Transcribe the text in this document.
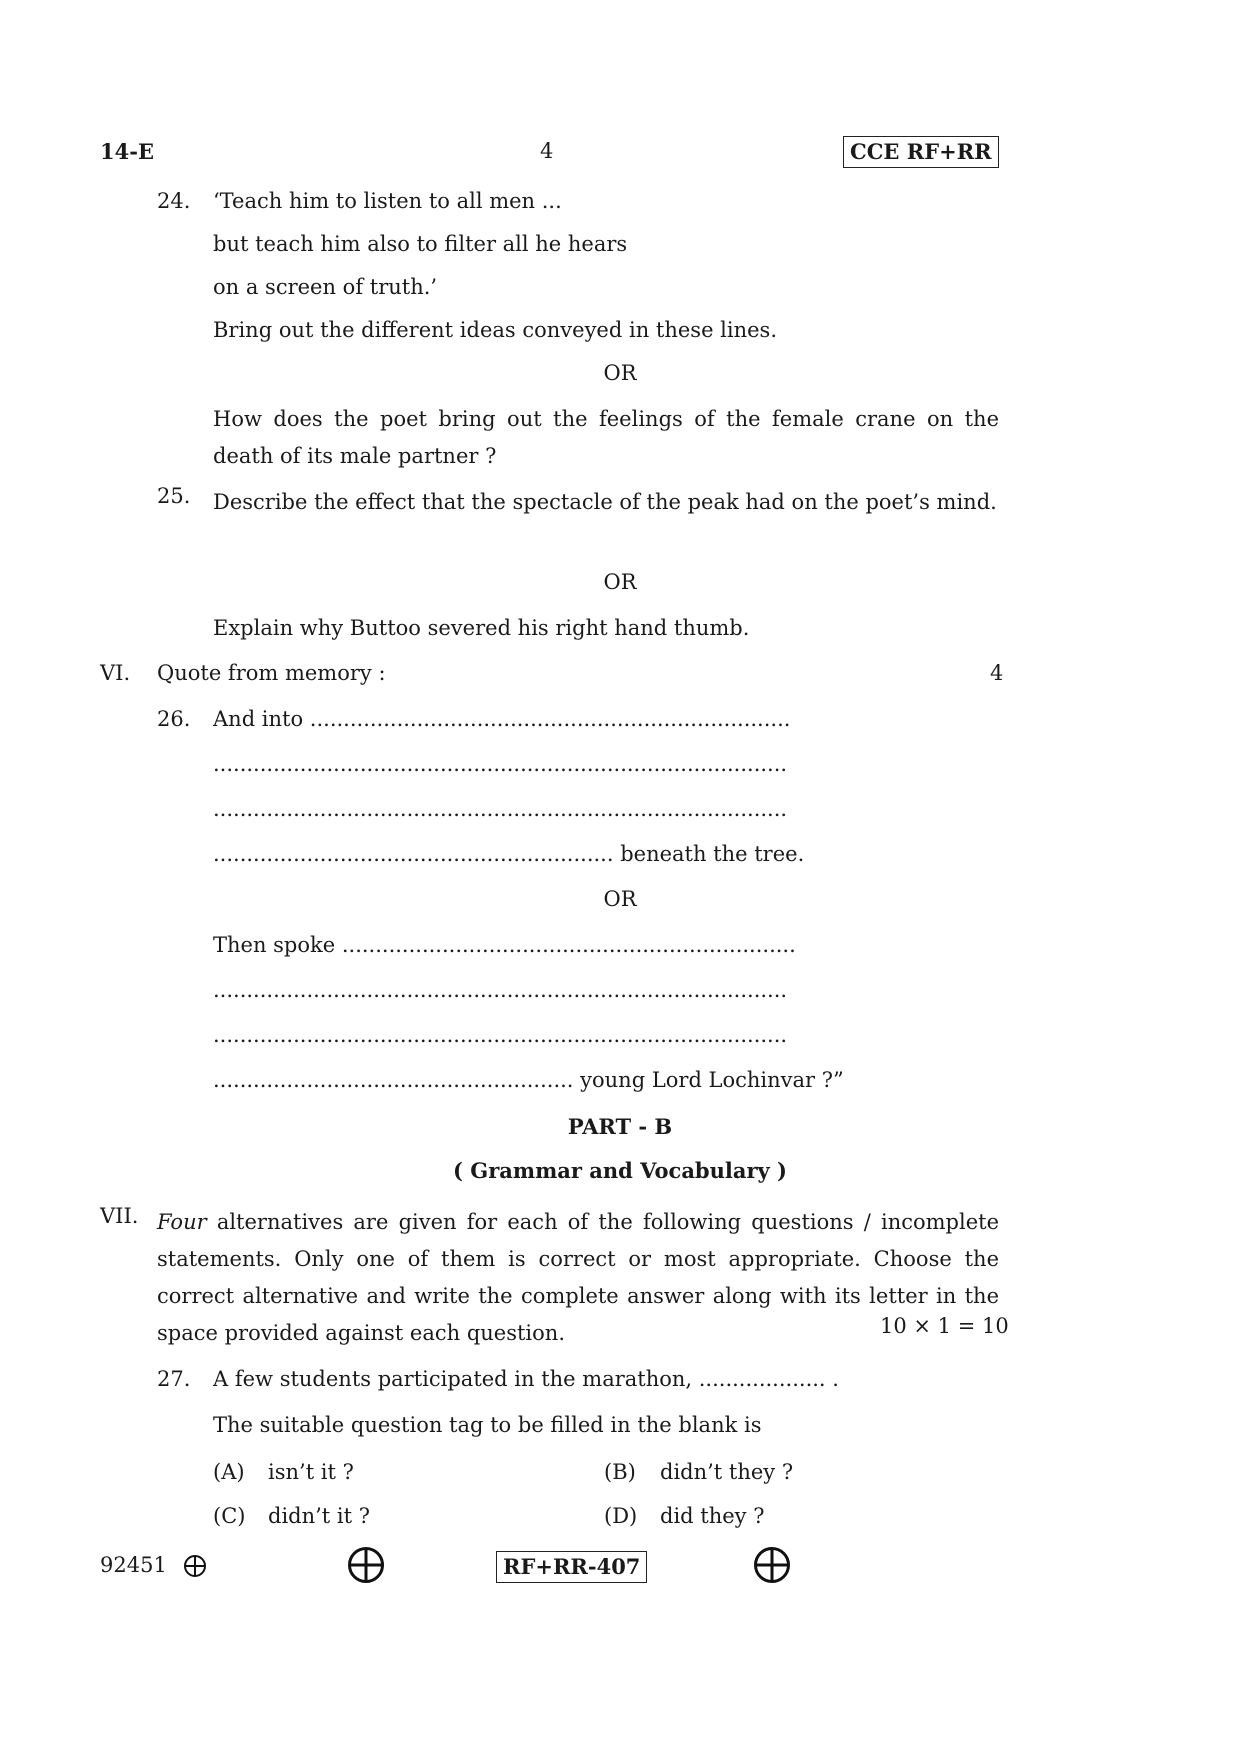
14-E	4	CCE RF+RR
24. ‘Teach him to listen to all men ...
but teach him also to filter all he hears
on a screen of truth.’
Bring out the different ideas conveyed in these lines.
OR
How does the poet bring out the feelings of the female crane on the death of its male partner ?
25. Describe the effect that the spectacle of the peak had on the poet’s mind.
OR
Explain why Buttoo severed his right hand thumb.
VI. Quote from memory :	4
26. And into ........................................................................
......................................................................................
......................................................................................
............................................................ beneath the tree.
OR
Then spoke ....................................................................
......................................................................................
......................................................................................
...................................................... young Lord Lochinvar ?”
PART - B
( Grammar and Vocabulary )
VII. Four alternatives are given for each of the following questions / incomplete statements. Only one of them is correct or most appropriate. Choose the correct alternative and write the complete answer along with its letter in the space provided against each question.	10 × 1 = 10
27. A few students participated in the marathon, ................... .
The suitable question tag to be filled in the blank is
(A) isn’t it ?	(B) didn’t they ?
(C) didn’t it ?	(D) did they ?
92451	RF+RR-407
